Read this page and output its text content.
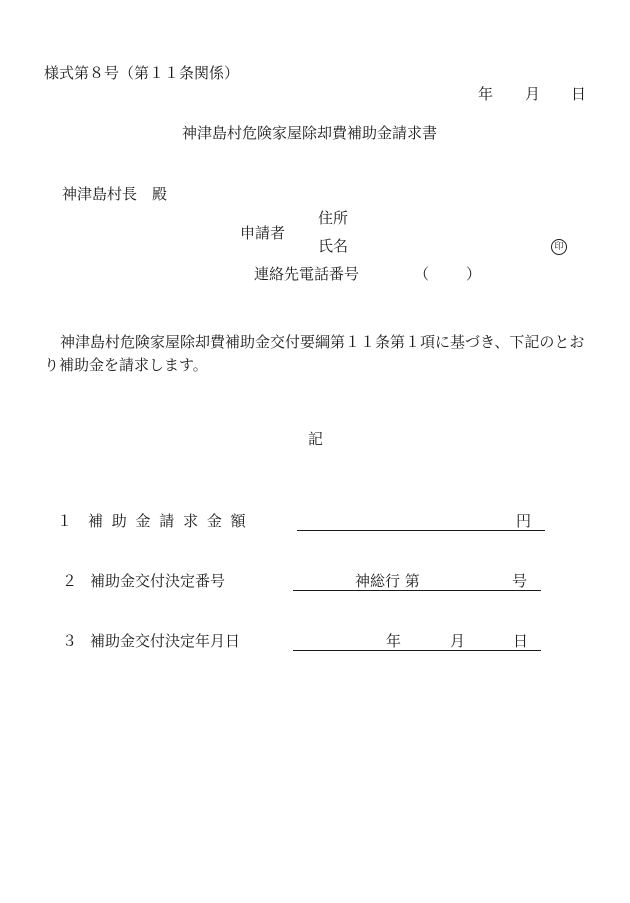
様式第８号（第１１条関係）
年 月 日
神津島村危険家屋除却費補助金請求書
神津島村長　殿
申請者
住所
氏名	印
連絡先電話番号	（ ）
神津島村危険家屋除却費補助金交付要綱第１１条第１項に基づき、下記のとおり補助金を請求します。
記
１ 補 助 金 請 求 金 額	円
２ 補助金交付決定番号	神総行 第	号
３ 補助金交付決定年月日	年	月	日
